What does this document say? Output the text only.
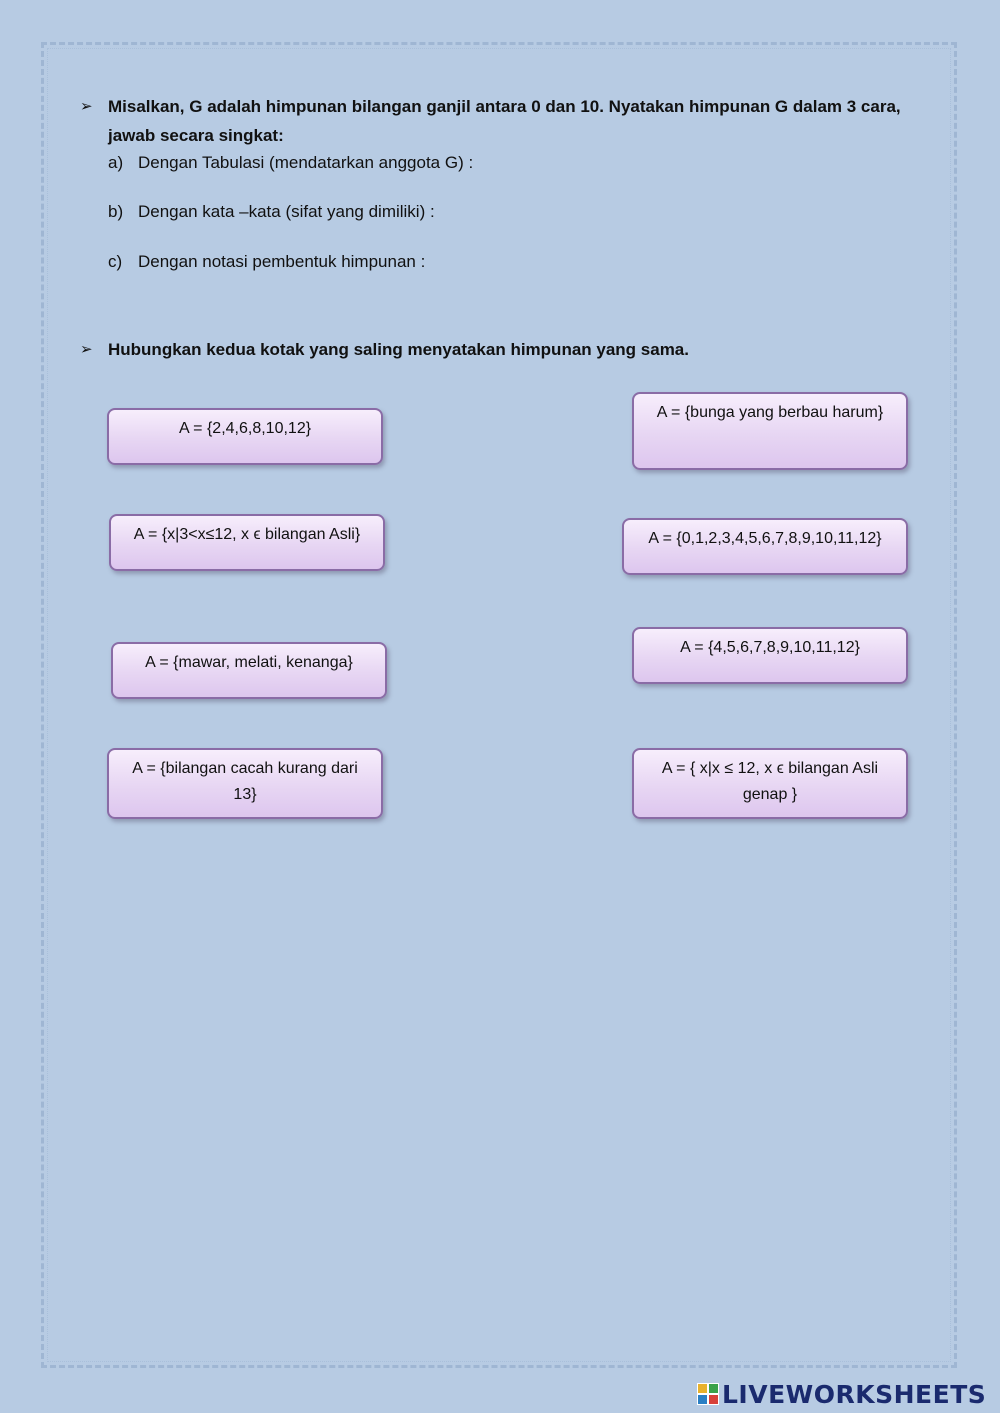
➢ Misalkan, G adalah himpunan bilangan ganjil antara 0 dan 10. Nyatakan himpunan G dalam 3 cara,
jawab secara singkat:
a) Dengan Tabulasi (mendatarkan anggota G) :
b) Dengan kata –kata (sifat yang dimiliki) :
c) Dengan notasi pembentuk himpunan :
➢ Hubungkan kedua kotak yang saling menyatakan himpunan yang sama.
A = {2,4,6,8,10,12}
A = {x|3<x≤12, x ϵ bilangan Asli}
A = {mawar, melati, kenanga}
A = {bilangan cacah kurang dari 13}
A = {bunga yang berbau harum}
A = {0,1,2,3,4,5,6,7,8,9,10,11,12}
A = {4,5,6,7,8,9,10,11,12}
A = { x|x ≤ 12, x ϵ bilangan Asli genap }
LIVEWORKSHEETS
